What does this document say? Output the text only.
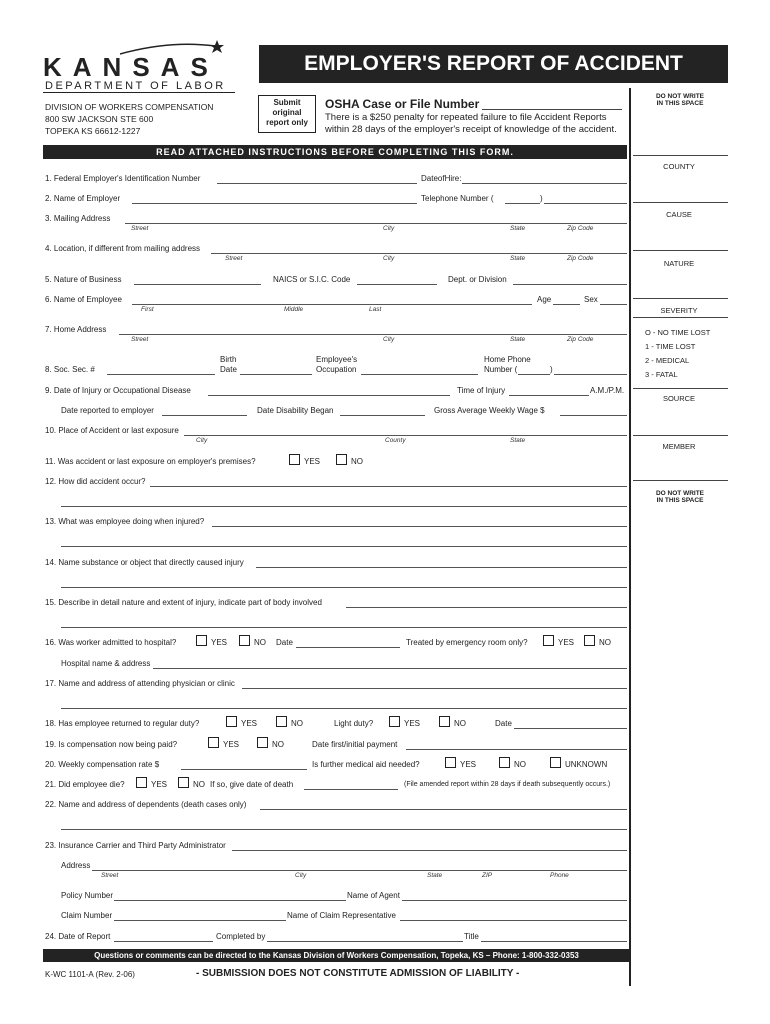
KANSAS
DEPARTMENT OF LABOR
DIVISION OF WORKERS COMPENSATION
800 SW JACKSON STE 600
TOPEKA KS 66612-1227
EMPLOYER'S REPORT OF ACCIDENT
Submit
original
report only
OSHA Case or File Number
There is a $250 penalty for repeated failure to file Accident Reports
within 28 days of the employer's receipt of knowledge of the accident.
READ ATTACHED INSTRUCTIONS BEFORE COMPLETING THIS FORM.
DO NOT WRITE
IN THIS SPACE
COUNTY
CAUSE
NATURE
SEVERITY
O - NO TIME LOST
1 - TIME LOST
2 - MEDICAL
3 - FATAL
SOURCE
MEMBER
DO NOT WRITE
IN THIS SPACE
1. Federal Employer's Identification Number	DateofHire:
2. Name of Employer	Telephone Number (	)
3. Mailing Address
Street	City	State	Zip Code
4. Location, if different from mailing address
Street	City	State	Zip Code
5. Nature of Business	NAICS or S.I.C. Code	Dept. or Division
6. Name of Employee	Age	Sex
First	Middle	Last
7. Home Address
Street	City	State	Zip Code
Birth	Employee's	Home Phone
8. Soc. Sec. #	Date	Occupation	Number (	)
9. Date of Injury or Occupational Disease	Time of Injury	A.M./P.M.
Date reported to employer	Date Disability Began	Gross Average Weekly Wage $
10. Place of Accident or last exposure
City	County	State
11. Was accident or last exposure on employer's premises?	YES	NO
12. How did accident occur?
13. What was employee doing when injured?
14. Name substance or object that directly caused injury
15. Describe in detail nature and extent of injury, indicate part of body involved
16. Was worker admitted to hospital?	YES	NO Date	Treated by emergency room only?	YES	NO
Hospital name & address
17. Name and address of attending physician or clinic
18. Has employee returned to regular duty?	YES	NO	Light duty?	YES	NO	Date
19. Is compensation now being paid?	YES	NO	Date first/initial payment
20. Weekly compensation rate $	Is further medical aid needed?	YES	NO	UNKNOWN
21. Did employee die?	YES	NO If so, give date of death	(File amended report within 28 days if death subsequently occurs.)
22. Name and address of dependents (death cases only)
23. Insurance Carrier and Third Party Administrator
Address
Street	City	State	ZIP	Phone
Policy Number	Name of Agent
Claim Number	Name of Claim Representative
24. Date of Report	Completed by	Title
Questions or comments can be directed to the Kansas Division of Workers Compensation, Topeka, KS – Phone: 1-800-332-0353
K-WC 1101-A (Rev. 2-06)	- SUBMISSION DOES NOT CONSTITUTE ADMISSION OF LIABILITY -
